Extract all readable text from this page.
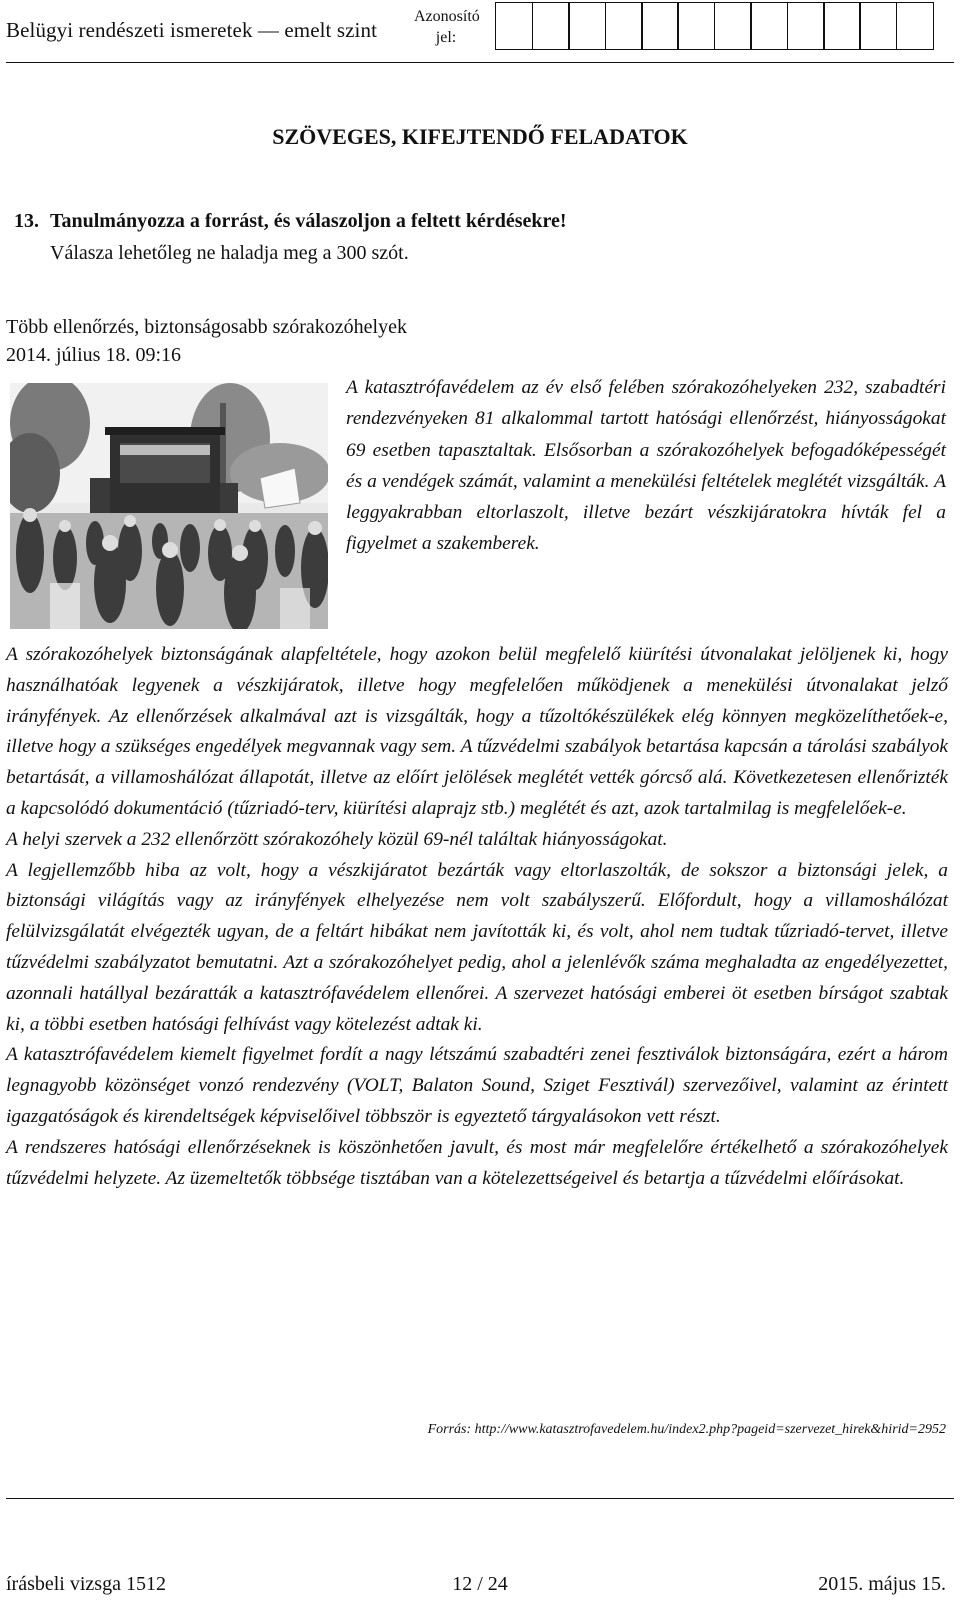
Belügyi rendészeti ismeretek — emelt szint
Azonosító
jel:
SZÖVEGES, KIFEJTENDŐ FELADATOK
13. Tanulmányozza a forrást, és válaszoljon a feltett kérdésekre!
Válasza lehetőleg ne haladja meg a 300 szót.
Több ellenőrzés, biztonságosabb szórakozóhelyek
2014. július 18. 09:16
A katasztrófavédelem az év első felében szórakozóhelyeken 232, szabadtéri rendezvényeken 81 alkalommal tartott hatósági ellenőrzést, hiányosságokat 69 esetben tapasztaltak. Elsősorban a szórakozóhelyek befogadóképességét és a vendégek számát, valamint a menekülési feltételek meglétét vizsgálták. A leggyakrabban eltorlaszolt, illetve bezárt vészkijáratokra hívták fel a figyelmet a szakemberek.

A szórakozóhelyek biztonságának alapfeltétele, hogy azokon belül megfelelő kiürítési útvonalakat jelöljenek ki, hogy használhatóak legyenek a vészkijáratok, illetve hogy megfelelően működjenek a menekülési útvonalakat jelző irányfények. Az ellenőrzések alkalmával azt is vizsgálták, hogy a tűzoltókészülékek elég könnyen megközelíthetőek-e, illetve hogy a szükséges engedélyek megvannak vagy sem. A tűzvédelmi szabályok betartása kapcsán a tárolási szabályok betartását, a villamoshálózat állapotát, illetve az előírt jelölések meglétét vették górcső alá. Következetesen ellenőrizték a kapcsolódó dokumentáció (tűzriadó-terv, kiürítési alaprajz stb.) meglétét és azt, azok tartalmilag is megfelelőek-e.

A helyi szervek a 232 ellenőrzött szórakozóhely közül 69-nél találtak hiányosságokat.

A legjellemzőbb hiba az volt, hogy a vészkijáratot bezárták vagy eltorlaszolták, de sokszor a biztonsági jelek, a biztonsági világítás vagy az irányfények elhelyezése nem volt szabályszerű. Előfordult, hogy a villamoshálózat felülvizsgálatát elvégezték ugyan, de a feltárt hibákat nem javították ki, és volt, ahol nem tudtak tűzriadó-tervet, illetve tűzvédelmi szabályzatot bemutatni. Azt a szórakozóhelyet pedig, ahol a jelenlévők száma meghaladta az engedélyezettet, azonnali hatállyal bezáratták a katasztrófavédelem ellenőrei. A szervezet hatósági emberei öt esetben bírságot szabtak ki, a többi esetben hatósági felhívást vagy kötelezést adtak ki.

A katasztrófavédelem kiemelt figyelmet fordít a nagy létszámú szabadtéri zenei fesztiválok biztonságára, ezért a három legnagyobb közönséget vonzó rendezvény (VOLT, Balaton Sound, Sziget Fesztivál) szervezőivel, valamint az érintett igazgatóságok és kirendeltségek képviselőivel többször is egyeztető tárgyalásokon vett részt.

A rendszeres hatósági ellenőrzéseknek is köszönhetően javult, és most már megfelelőre értékelhető a szórakozóhelyek tűzvédelmi helyzete. Az üzemeltetők többsége tisztában van a kötelezettségeivel és betartja a tűzvédelmi előírásokat.

Forrás: http://www.katasztrofavedelem.hu/index2.php?pageid=szervezet_hirek&hirid=2952
írásbeli vizsga 1512	12 / 24	2015. május 15.
